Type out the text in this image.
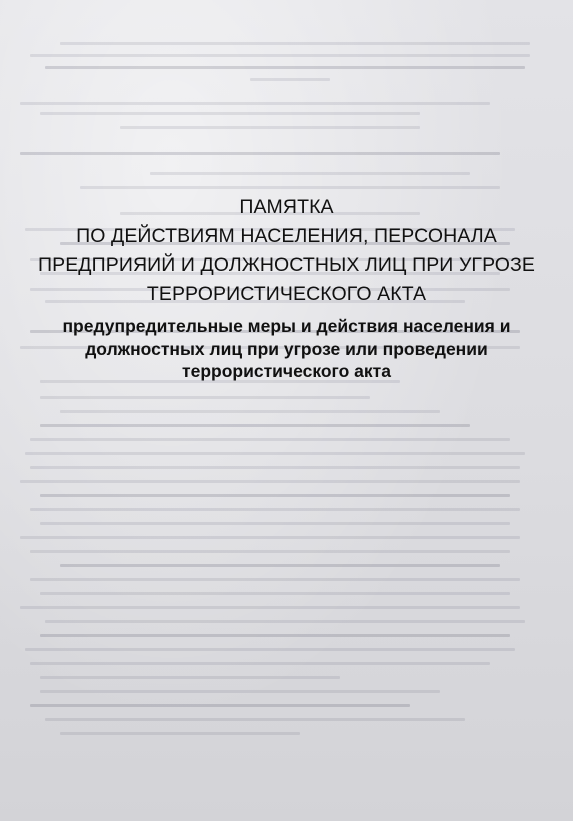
ПАМЯТКА
ПО ДЕЙСТВИЯМ НАСЕЛЕНИЯ, ПЕРСОНАЛА
ПРЕДПРИЯИЙ И ДОЛЖНОСТНЫХ ЛИЦ ПРИ УГРОЗЕ
ТЕРРОРИСТИЧЕСКОГО АКТА
предупредительные меры и действия населения и
должностных лиц при угрозе или проведении
террористического акта
